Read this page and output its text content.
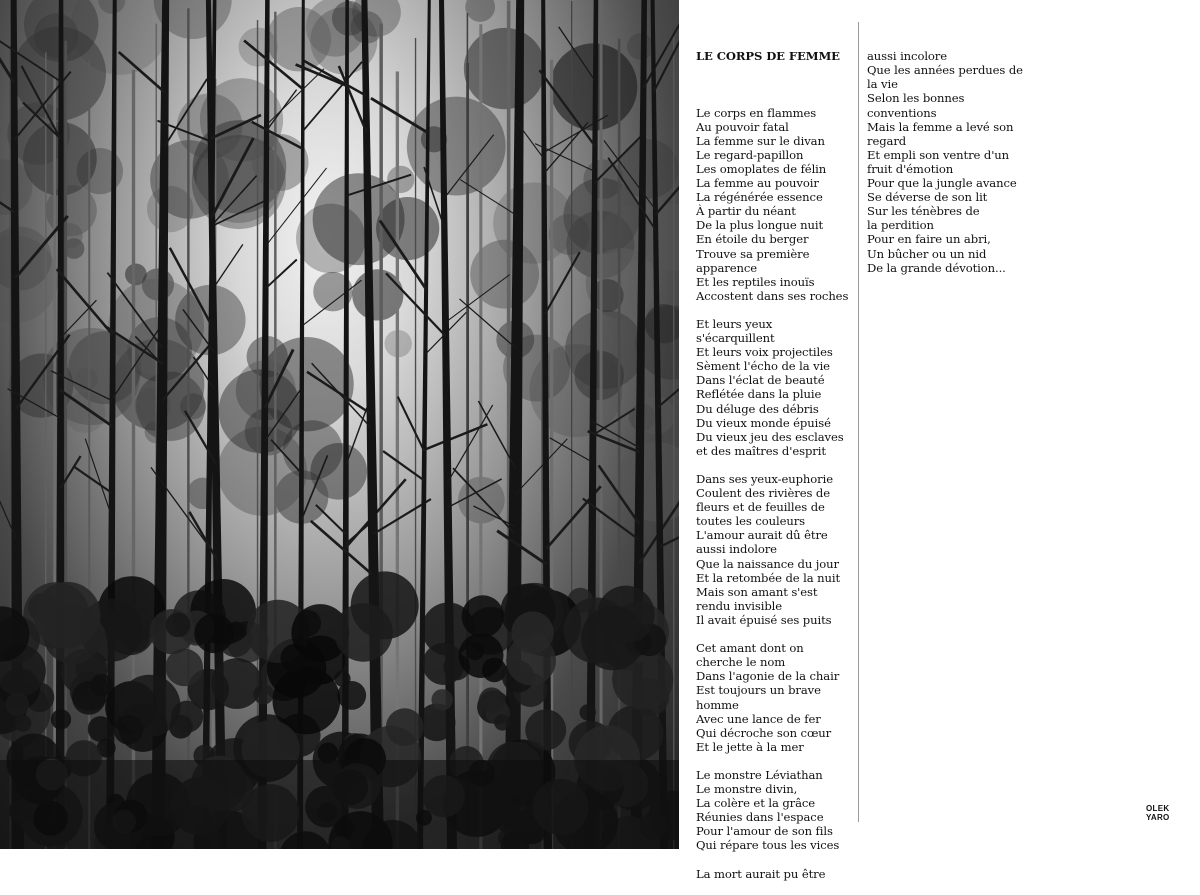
LE CORPS DE FEMME

Le corps en flammes
Au pouvoir fatal
La femme sur le divan
Le regard-papillon
Les omoplates de félin
La femme au pouvoir
La régénérée essence
À partir du néant
De la plus longue nuit
En étoile du berger
Trouve sa première
apparence
Et les reptiles inouïs
Accostent dans ses roches
Et leurs yeux
s'écarquillent
Et leurs voix projectiles
Sèment l'écho de la vie
Dans l'éclat de beauté
Reflétée dans la pluie
Du déluge des débris
Du vieux monde épuisé
Du vieux jeu des esclaves
et des maîtres d'esprit
Dans ses yeux-euphorie
Coulent des rivières de
fleurs et de feuilles de
toutes les couleurs
L'amour aurait dû être
aussi indolore
Que la naissance du jour
Et la retombée de la nuit
Mais son amant s'est
rendu invisible
Il avait épuisé ses puits
Cet amant dont on
cherche le nom
Dans l'agonie de la chair
Est toujours un brave
homme
Avec une lance de fer
Qui décroche son cœur
Et le jette à la mer
Le monstre Léviathan
Le monstre divin,
La colère et la grâce
Réunies dans l'espace
Pour l'amour de son fils
Qui répare tous les vices
La mort aurait pu être

aussi incolore
Que les années perdues de
la vie
Selon les bonnes
conventions
Mais la femme a levé son
regard
Et empli son ventre d'un
fruit d'émotion
Pour que la jungle avance
Se déverse de son lit
Sur les ténèbres de
la perdition
Pour en faire un abri,
Un bûcher ou un nid
De la grande dévotion...

OLEK
YARO
